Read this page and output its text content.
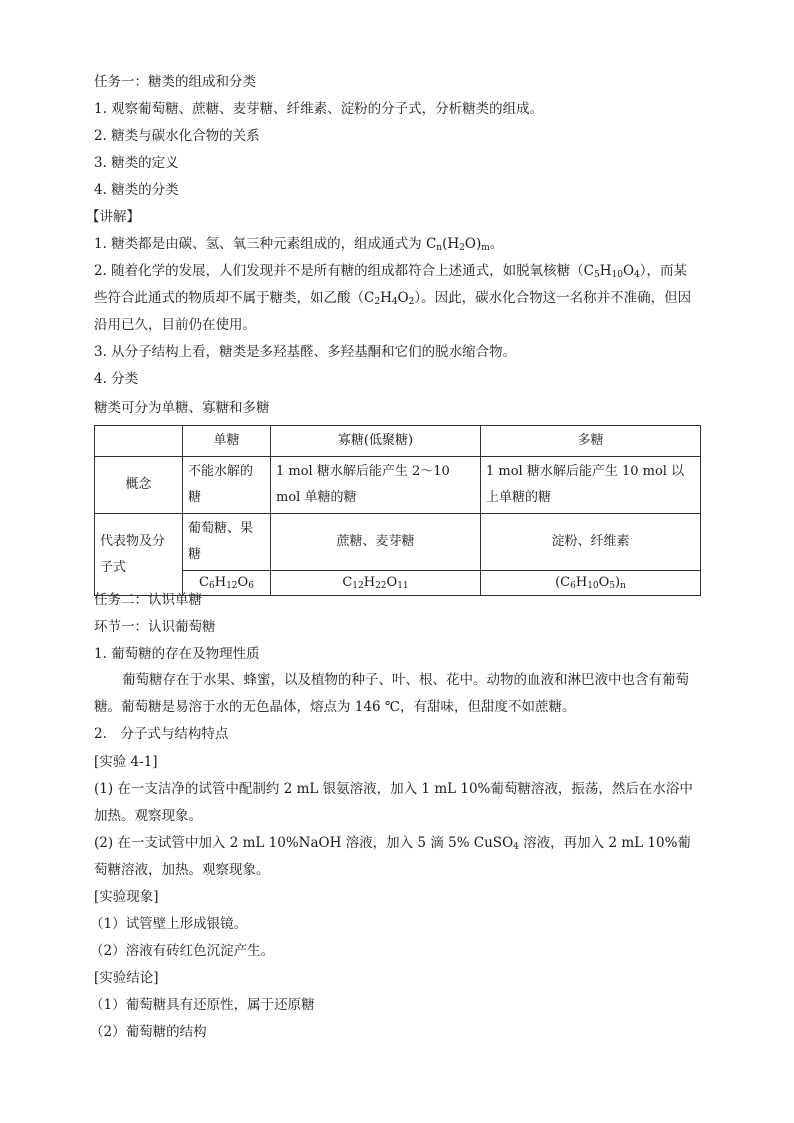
任务一：糖类的组成和分类
1. 观察葡萄糖、蔗糖、麦芽糖、纤维素、淀粉的分子式，分析糖类的组成。
2. 糖类与碳水化合物的关系
3. 糖类的定义
4. 糖类的分类
【讲解】
1. 糖类都是由碳、氢、氧三种元素组成的，组成通式为 $C_n(H_2O)_m$。
2. 随着化学的发展，人们发现并不是所有糖的组成都符合上述通式，如脱氧核糖$(C_5H_{10}O_4)$，而某些符合此通式的物质却不属于糖类，如乙酸$(C_2H_4O_2)$。因此，碳水化合物这一名称并不准确，但因沿用已久，目前仍在使用。
3. 从分子结构上看，糖类是多羟基醛、多羟基酮和它们的脱水缩合物。
4. 分类
糖类可分为单糖、寡糖和多糖
	单糖	寡糖(低聚糖)	多糖
概念	不能水解的糖	1 mol 糖水解后能产生 2～10 mol 单糖的糖	1 mol 糖水解后能产生 10 mol 以上单糖的糖
代表物及分子式	葡萄糖、果糖	蔗糖、麦芽糖	淀粉、纤维素
	$C_6H_{12}O_6$	$C_{12}H_{22}O_{11}$	$(C_6H_{10}O_5)_n$
任务二：认识单糖
环节一：认识葡萄糖
1. 葡萄糖的存在及物理性质
葡萄糖存在于水果、蜂蜜，以及植物的种子、叶、根、花中。动物的血液和淋巴液中也含有葡萄糖。葡萄糖是易溶于水的无色晶体，熔点为 146 ℃，有甜味，但甜度不如蔗糖。
2.　分子式与结构特点
[实验 4-1]
(1) 在一支洁净的试管中配制约 2 mL 银氨溶液，加入 1 mL 10%葡萄糖溶液，振荡，然后在水浴中加热。观察现象。
(2) 在一支试管中加入 2 mL 10%NaOH 溶液，加入 5 滴 5% CuSO$_4$ 溶液，再加入 2 mL 10%葡萄糖溶液，加热。观察现象。
[实验现象]
（1）试管壁上形成银镜。
（2）溶液有砖红色沉淀产生。
[实验结论]
（1）葡萄糖具有还原性，属于还原糖
（2）葡萄糖的结构
